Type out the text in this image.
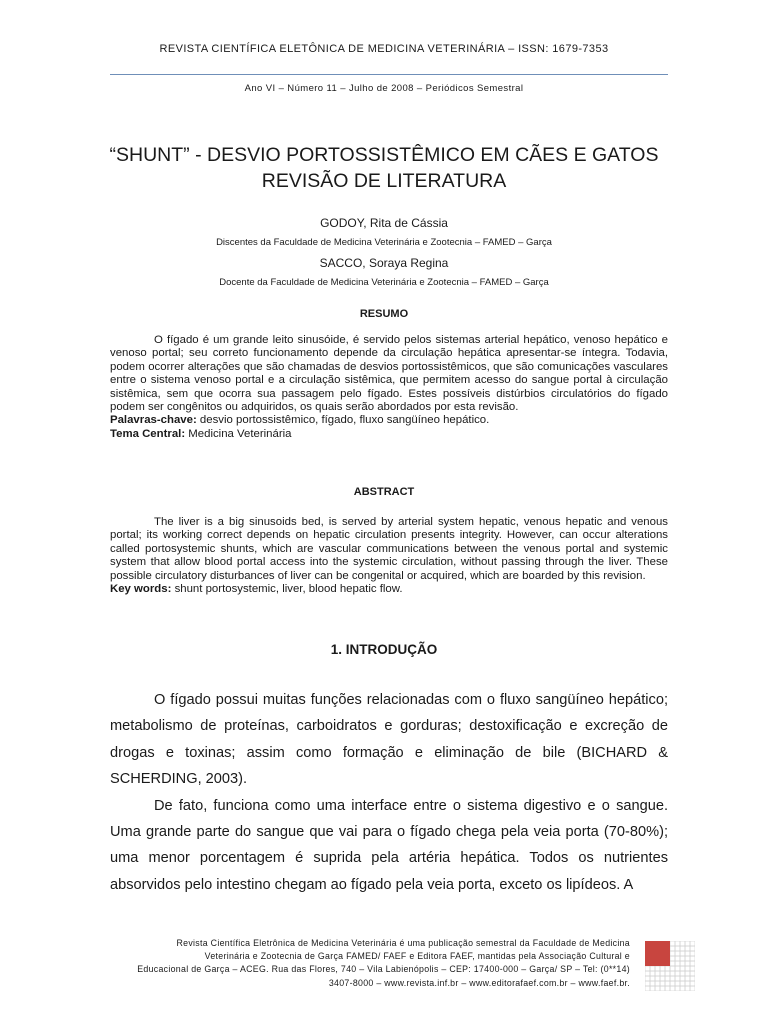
REVISTA CIENTÍFICA ELETÔNICA DE MEDICINA VETERINÁRIA – ISSN: 1679-7353
Ano VI – Número 11 – Julho de 2008 – Periódicos Semestral
“SHUNT” - DESVIO PORTOSSISTÊMICO EM CÃES E GATOS
REVISÃO DE LITERATURA
GODOY, Rita de Cássia
Discentes da Faculdade de Medicina Veterinária e Zootecnia – FAMED – Garça
SACCO, Soraya Regina
Docente da Faculdade de Medicina Veterinária e Zootecnia – FAMED – Garça
RESUMO

O fígado é um grande leito sinusóide, é servido pelos sistemas arterial hepático, venoso hepático e venoso portal; seu correto funcionamento depende da circulação hepática apresentar-se íntegra. Todavia, podem ocorrer alterações que são chamadas de desvios portossistêmicos, que são comunicações vasculares entre o sistema venoso portal e a circulação sistêmica, que permitem acesso do sangue portal à circulação sistêmica, sem que ocorra sua passagem pelo fígado. Estes possíveis distúrbios circulatórios do fígado podem ser congênitos ou adquiridos, os quais serão abordados por esta revisão.

Palavras-chave: desvio portossistêmico, fígado, fluxo sangüíneo hepático.

Tema Central: Medicina Veterinária

ABSTRACT

The liver is a big sinusoids bed, is served by arterial system hepatic, venous hepatic and venous portal; its working correct depends on hepatic circulation presents integrity. However, can occur alterations called portosystemic shunts, which are vascular communications between the venous portal and systemic system that allow blood portal access into the systemic circulation, without passing through the liver. These possible circulatory disturbances of liver can be congenital or acquired, which are boarded by this revision.

Key words: shunt portosystemic, liver, blood hepatic flow.

1. INTRODUÇÃO

O fígado possui muitas funções relacionadas com o fluxo sangüíneo hepático; metabolismo de proteínas, carboidratos e gorduras; destoxificação e excreção de drogas e toxinas; assim como formação e eliminação de bile (BICHARD & SCHERDING, 2003).

De fato, funciona como uma interface entre o sistema digestivo e o sangue. Uma grande parte do sangue que vai para o fígado chega pela veia porta (70-80%); uma menor porcentagem é suprida pela artéria hepática. Todos os nutrientes absorvidos pelo intestino chegam ao fígado pela veia porta, exceto os lipídeos. A

Revista Científica Eletrônica de Medicina Veterinária é uma publicação semestral da Faculdade de Medicina
Veterinária e Zootecnia de Garça FAMED/ FAEF e Editora FAEF, mantidas pela Associação Cultural e
Educacional de Garça – ACEG. Rua das Flores, 740 – Vila Labienópolis – CEP: 17400-000 – Garça/ SP – Tel: (0**14)
3407-8000 – www.revista.inf.br – www.editorafaef.com.br – www.faef.br.
